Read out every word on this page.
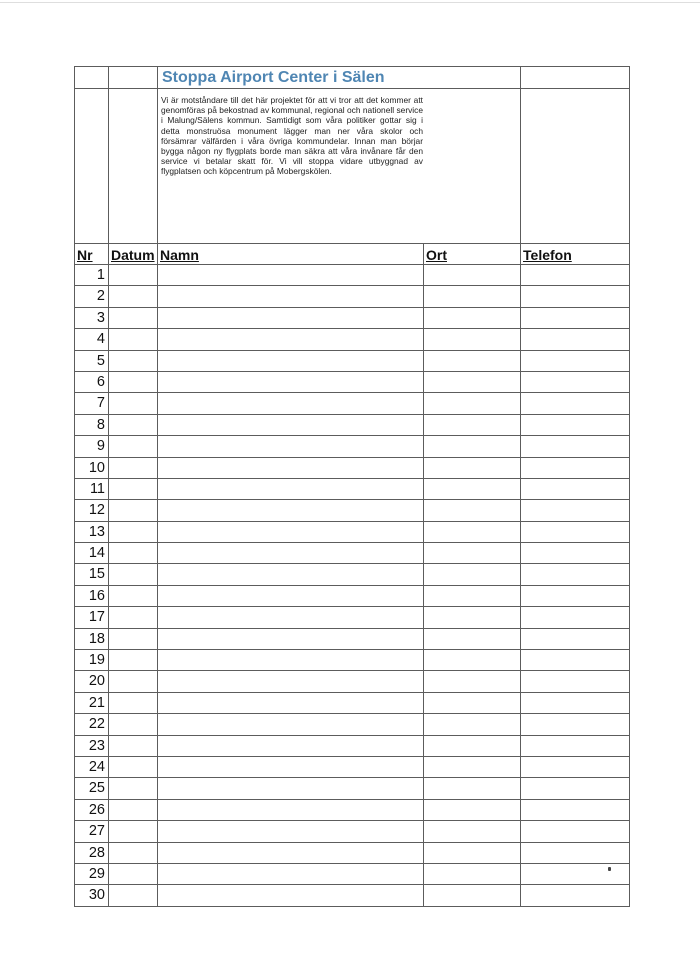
		Stoppa Airport Center i Sälen		

		Vi är motståndare till det här projektet för att vi tror att det kommer att genomföras på bekostnad av kommunal, regional och nationell service i Malung/Sälens kommun. Samtidigt som våra politiker gottar sig i detta monstruösa monument lägger man ner våra skolor och försämrar välfärden i våra övriga kommundelar. Innan man börjar bygga någon ny flygplats borde man säkra att våra invånare får den service vi betalar skatt för. Vi vill stoppa vidare utbyggnad av flygplatsen och köpcentrum på Mobergskölen.		

Nr	Datum	Namn	Ort	Telefon

1				

2				

3				

4				

5				

6				

7				

8				

9				

10				

11				

12				

13				

14				

15				

16				

17				

18				

19				

20				

21				

22				

23				

24				

25				

26				

27				

28				

29				

30				
